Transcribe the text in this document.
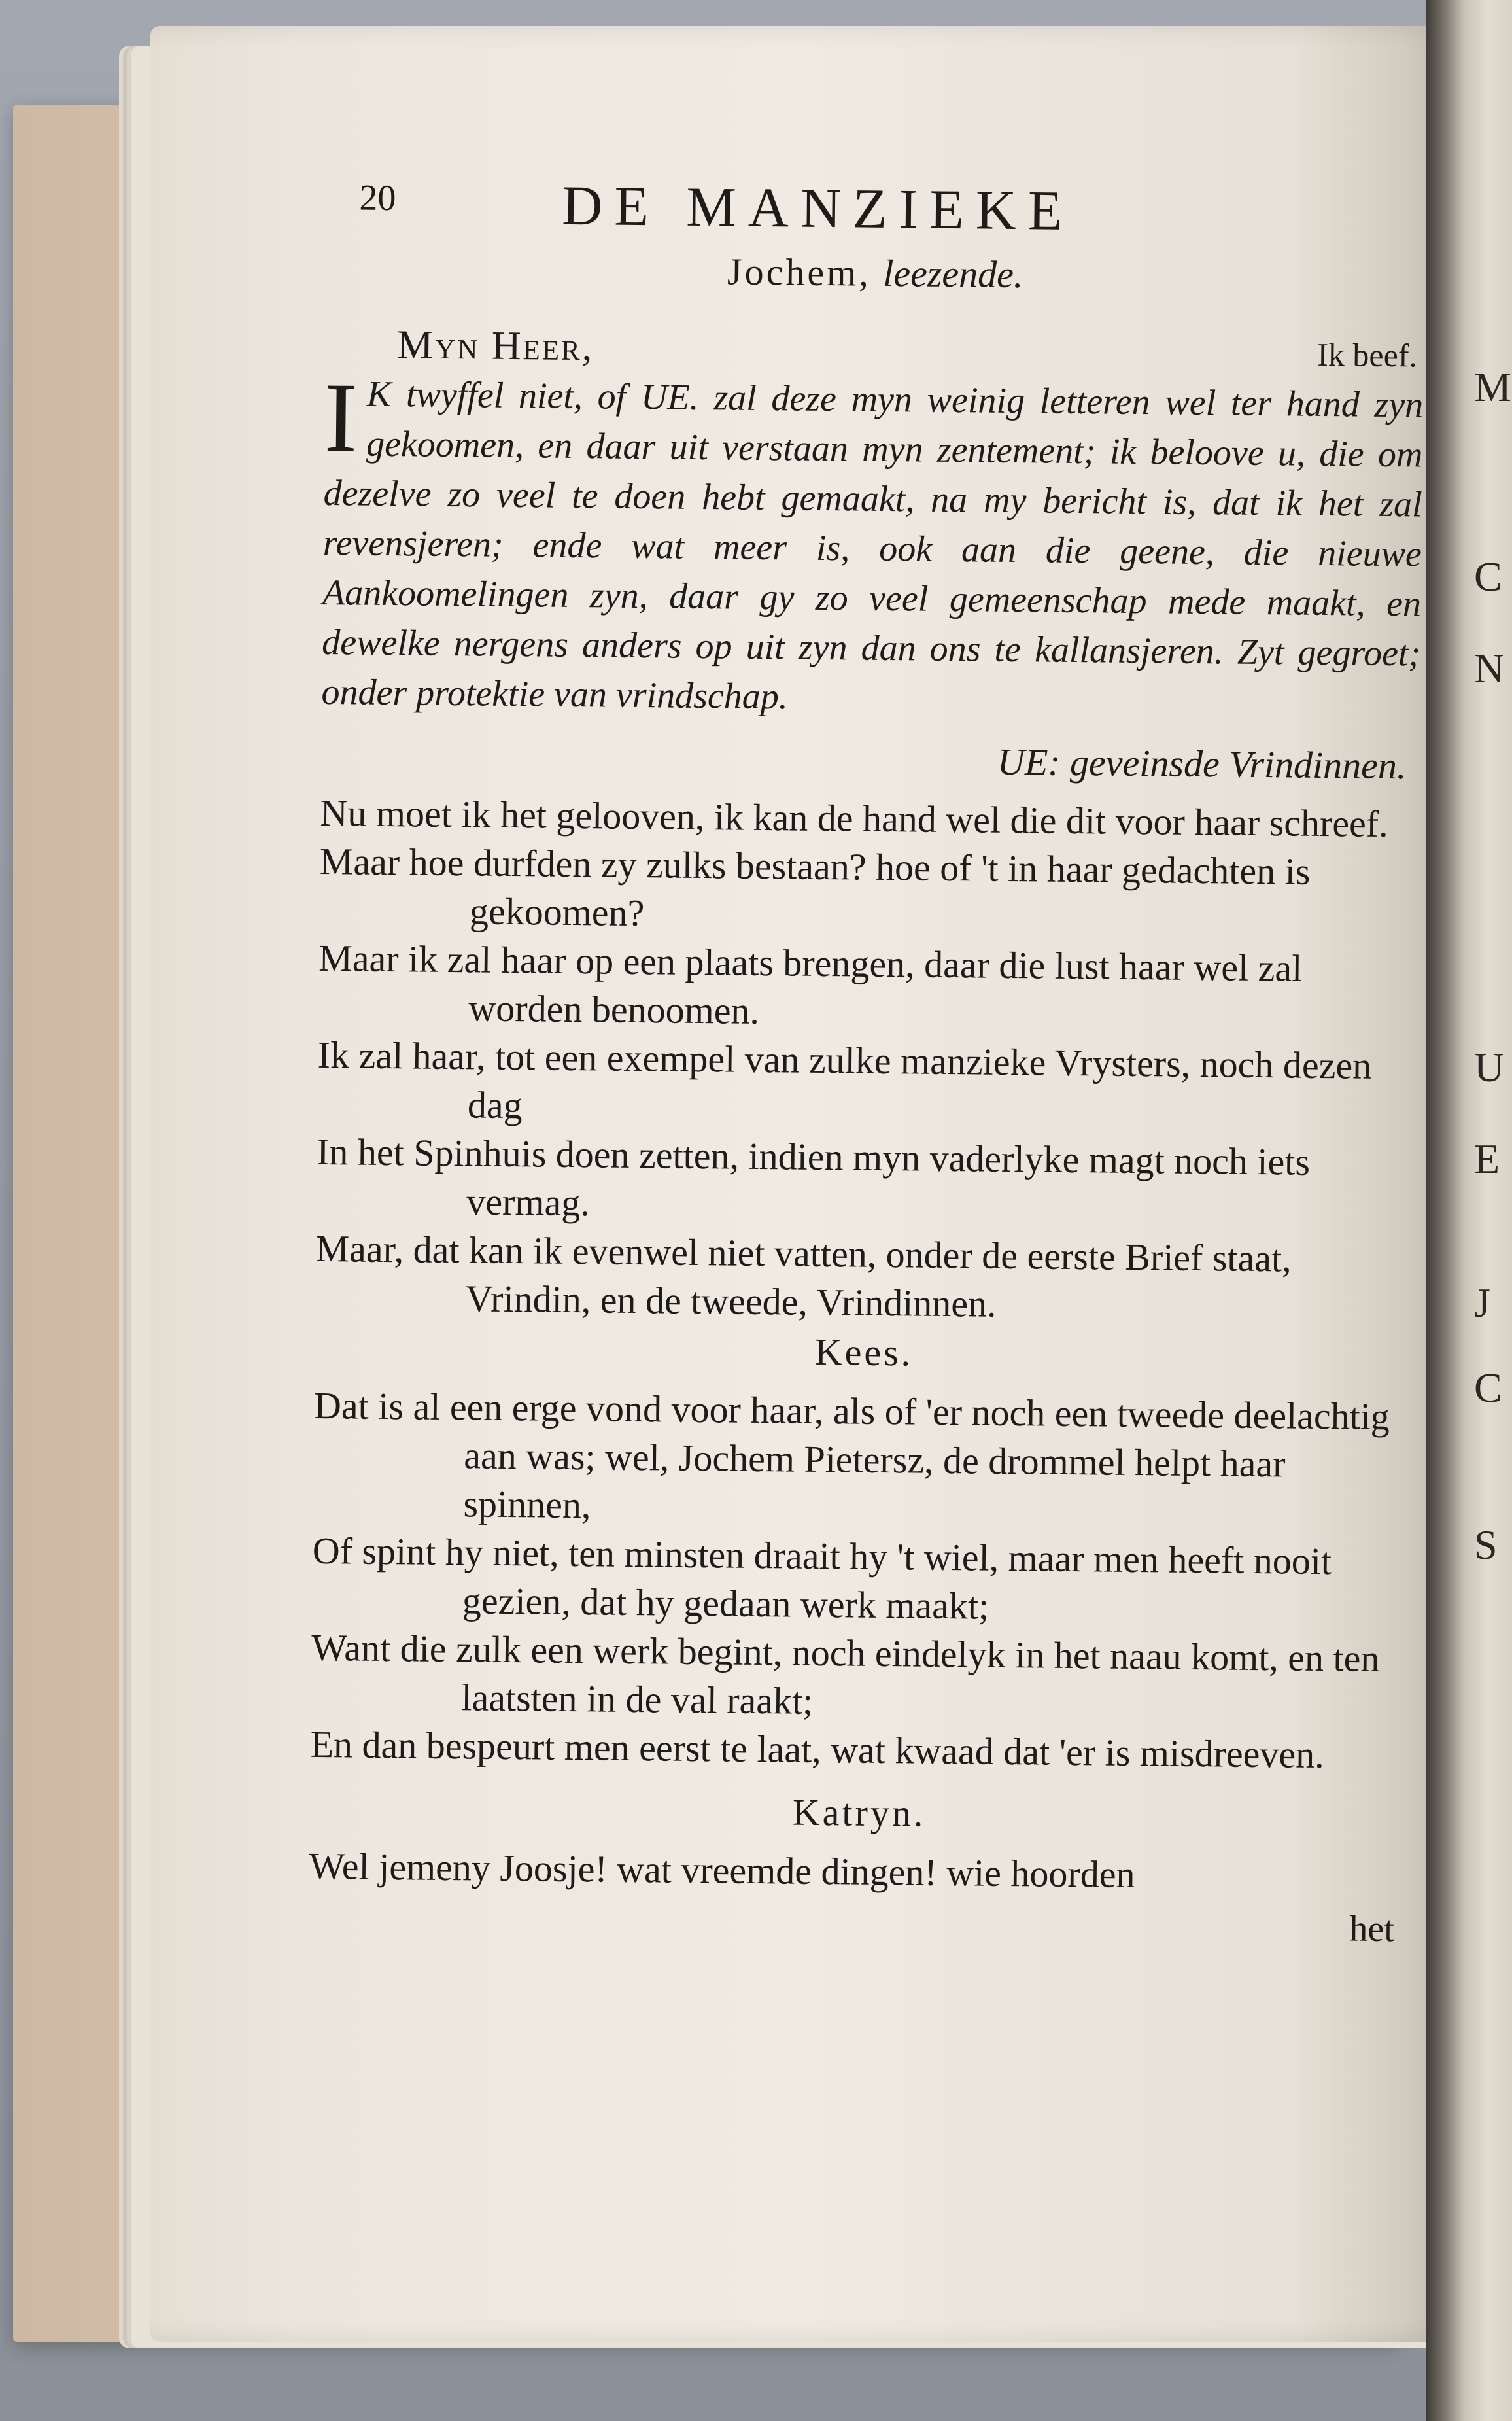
M
C
N
U
E
J
C
S
20	DE MANZIEKE

Jochem, leezende.

Ik beef.
Myn Heer,

I K twyffel niet, of UE. zal deze myn weinig letteren wel ter hand zyn gekoomen, en daar uit verstaan myn zentement; ik beloove u, die om dezelve zo veel te doen hebt gemaakt, na my bericht is, dat ik het zal revensjeren; ende wat meer is, ook aan die geene, die nieuwe Aankoomelingen zyn, daar gy zo veel gemeenschap mede maakt, en dewelke nergens anders op uit zyn dan ons te kallansjeren. Zyt gegroet; onder protektie van vrindschap.

UE: geveinsde Vrindinnen.

Nu moet ik het gelooven, ik kan de hand wel die dit voor haar schreef.

Maar hoe durfden zy zulks bestaan? hoe of 't in haar gedachten is gekoomen?

Maar ik zal haar op een plaats brengen, daar die lust haar wel zal worden benoomen.

Ik zal haar, tot een exempel van zulke manzieke Vrysters, noch dezen dag

In het Spinhuis doen zetten, indien myn vaderlyke magt noch iets vermag.

Maar, dat kan ik evenwel niet vatten, onder de eerste Brief staat, Vrindin, en de tweede, Vrindinnen.

Kees.

Dat is al een erge vond voor haar, als of 'er noch een tweede deelachtig aan was; wel, Jochem Pietersz, de drommel helpt haar spinnen,

Of spint hy niet, ten minsten draait hy 't wiel, maar men heeft nooit gezien, dat hy gedaan werk maakt;

Want die zulk een werk begint, noch eindelyk in het naau komt, en ten laatsten in de val raakt;

En dan bespeurt men eerst te laat, wat kwaad dat 'er is misdreeven.

Katryn.

Wel jemeny Joosje! wat vreemde dingen! wie hoorden

het
